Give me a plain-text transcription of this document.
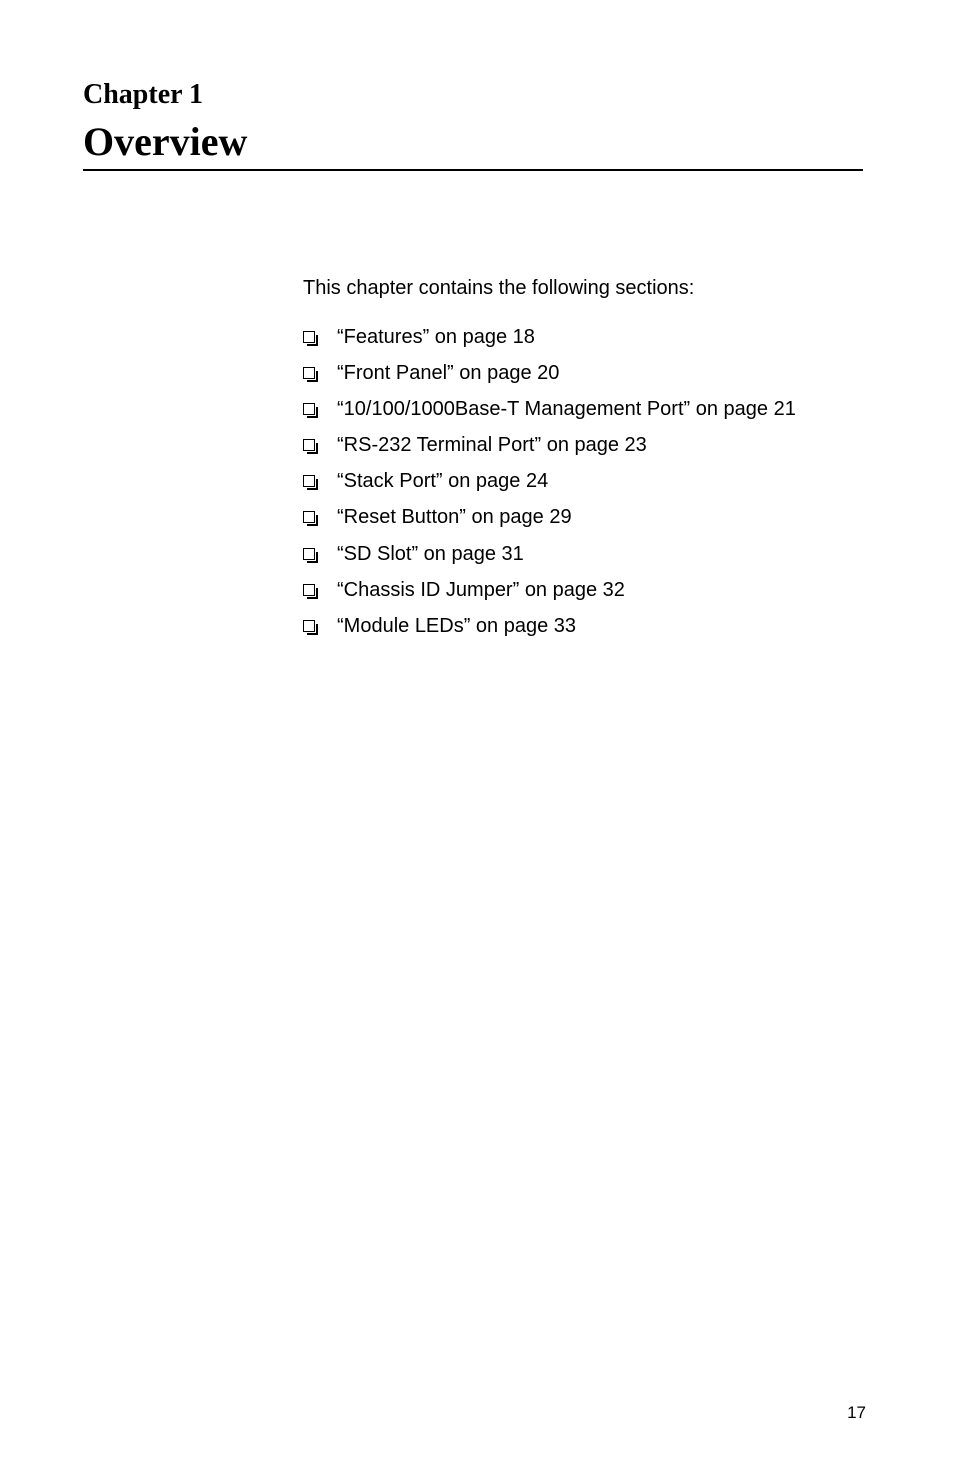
Chapter 1
Overview
This chapter contains the following sections:
“Features” on page 18
“Front Panel” on page 20
“10/100/1000Base-T Management Port” on page 21
“RS-232 Terminal Port” on page 23
“Stack Port” on page 24
“Reset Button” on page 29
“SD Slot” on page 31
“Chassis ID Jumper” on page 32
“Module LEDs” on page 33
17
